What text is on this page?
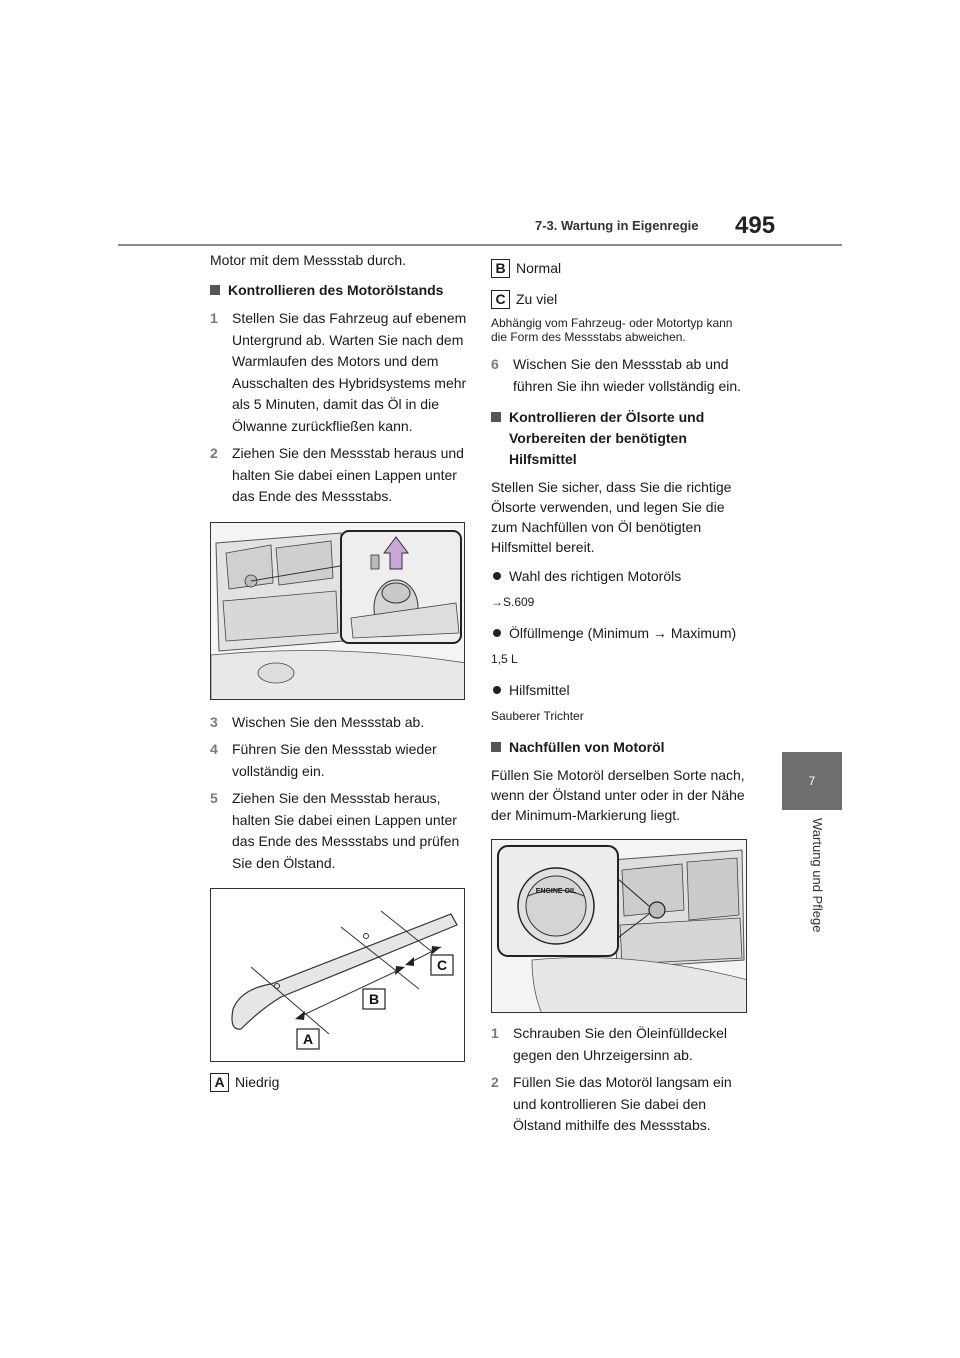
7-3. Wartung in Eigenregie 495
7
Wartung und Pflege
Motor mit dem Messstab durch.
Kontrollieren des Motorölstands
1 Stellen Sie das Fahrzeug auf ebenem Untergrund ab. Warten Sie nach dem Warmlaufen des Motors und dem Ausschalten des Hybridsystems mehr als 5 Minuten, damit das Öl in die Ölwanne zurückfließen kann.
2 Ziehen Sie den Messstab heraus und halten Sie dabei einen Lappen unter das Ende des Messstabs.
3 Wischen Sie den Messstab ab.
4 Führen Sie den Messstab wieder vollständig ein.
5 Ziehen Sie den Messstab heraus, halten Sie dabei einen Lappen unter das Ende des Messstabs und prüfen Sie den Ölstand.
C
B
A
A Niedrig
B Normal
C Zu viel
Abhängig vom Fahrzeug- oder Motortyp kann die Form des Messstabs abweichen.
6 Wischen Sie den Messstab ab und führen Sie ihn wieder vollständig ein.
Kontrollieren der Ölsorte und Vorbereiten der benötigten Hilfsmittel
Stellen Sie sicher, dass Sie die richtige Ölsorte verwenden, und legen Sie die zum Nachfüllen von Öl benötigten Hilfsmittel bereit.
Wahl des richtigen Motoröls
→S.609
Ölfüllmenge (Minimum → Maximum)
1,5 L
Hilfsmittel
Sauberer Trichter
Nachfüllen von Motoröl
Füllen Sie Motoröl derselben Sorte nach, wenn der Ölstand unter oder in der Nähe der Minimum-Markierung liegt.
ENGINE OIL
1 Schrauben Sie den Öleinfülldeckel gegen den Uhrzeigersinn ab.
2 Füllen Sie das Motoröl langsam ein und kontrollieren Sie dabei den Ölstand mithilfe des Messstabs.
